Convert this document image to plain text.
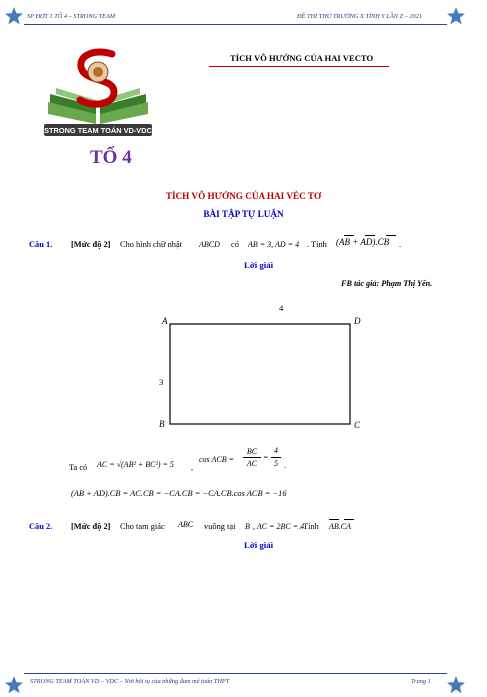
SP ĐỢT 1 TỔ 4 – STRONG TEAM	ĐỀ THI THỬ TRƯỜNG X TỈNH Y LẦN Z – 2021
TÍCH VÔ HƯỚNG CỦA HAI VECTO
STRONG TEAM TOÁN VD-VDC
TỔ 4
TÍCH VÔ HƯỚNG CỦA HAI VÉC TƠ
BÀI TẬP TỰ LUẬN
Câu 1. [Mức độ 2] Cho hình chữ nhật ABCD có AB = 3, AD = 4 . Tính (AB + AD).CB .
Lời giải
FB tác giả: Phạm Thị Yến.
A	D
B	C
4
3
Ta có AC = √(AB² + BC²) = 5 ,
cos ACB =
BC
AC
=
4
5 .
(AB + AD).CB = AC.CB = −CA.CB = −CA.CB.cos ACB = −16
Câu 2. [Mức độ 2] Cho tam giác ABC vuông tại B , AC = 2BC = 4
. Tính AB.CA
Lời giải
STRONG TEAM TOÁN VD – VDC – Nơi hội tụ của những đam mê toán THPT	Trang 1
